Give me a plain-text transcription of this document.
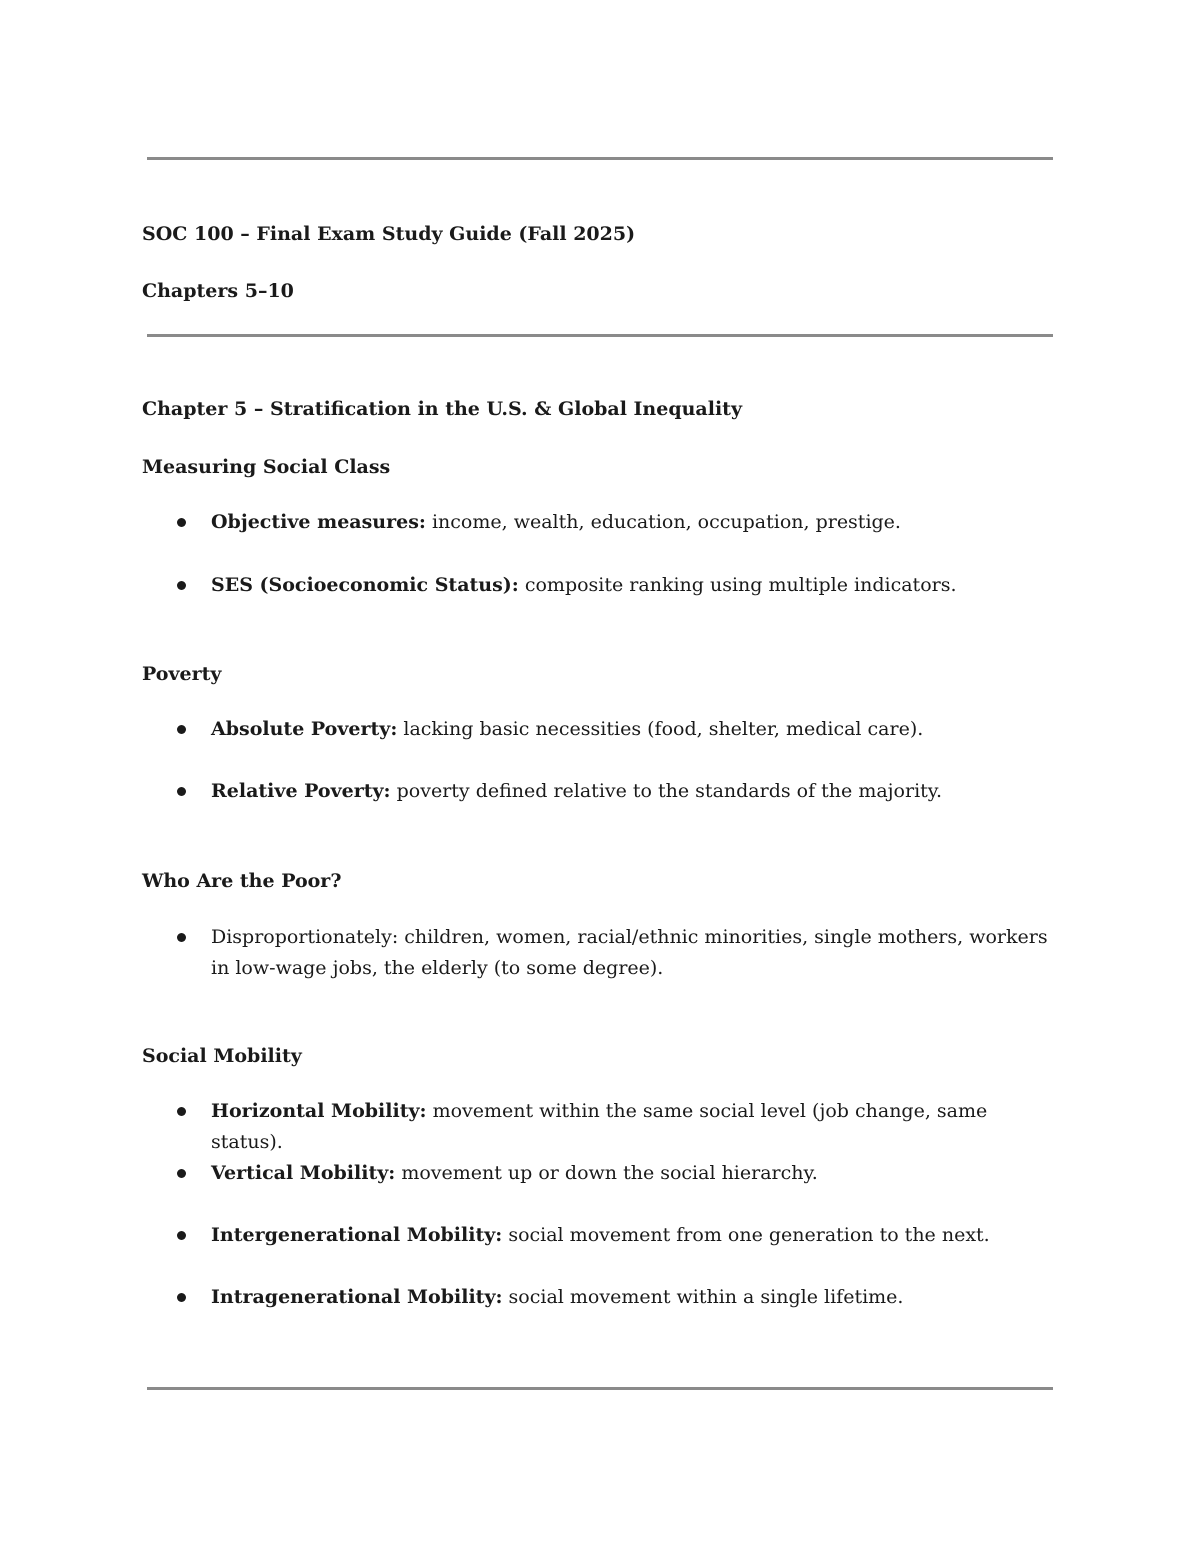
SOC 100 – Final Exam Study Guide (Fall 2025)

Chapters 5–10

Chapter 5 – Stratification in the U.S. & Global Inequality

Measuring Social Class

Objective measures: income, wealth, education, occupation, prestige.
SES (Socioeconomic Status): composite ranking using multiple indicators.

Poverty

Absolute Poverty: lacking basic necessities (food, shelter, medical care).
Relative Poverty: poverty defined relative to the standards of the majority.

Who Are the Poor?

Disproportionately: children, women, racial/ethnic minorities, single mothers, workers in low-wage jobs, the elderly (to some degree).

Social Mobility

Horizontal Mobility: movement within the same social level (job change, same status).
Vertical Mobility: movement up or down the social hierarchy.
Intergenerational Mobility: social movement from one generation to the next.
Intragenerational Mobility: social movement within a single lifetime.
